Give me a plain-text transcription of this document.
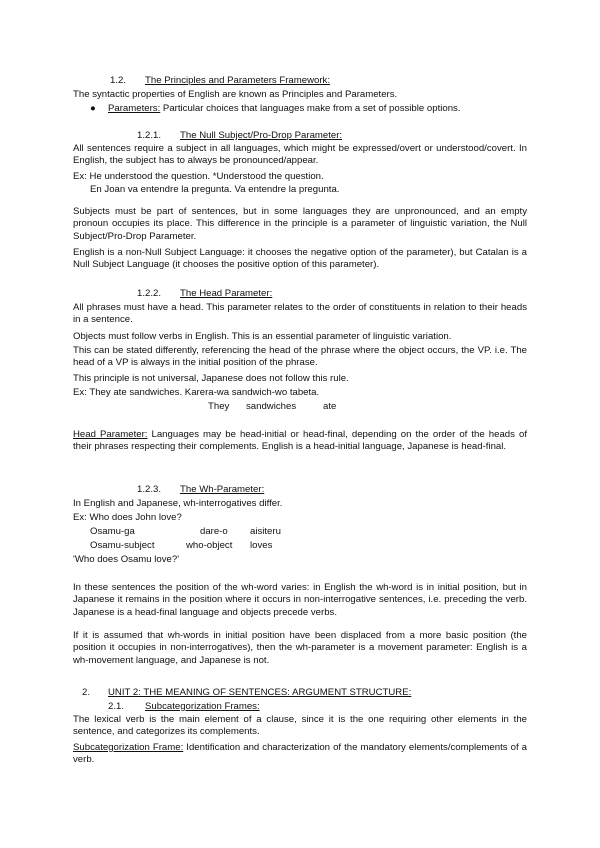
1.2. The Principles and Parameters Framework:
The syntactic properties of English are known as Principles and Parameters.
● Parameters: Particular choices that languages make from a set of possible options.
1.2.1. The Null Subject/Pro-Drop Parameter:
All sentences require a subject in all languages, which might be expressed/overt or understood/covert. In English, the subject has to always be pronounced/appear.
Ex: He understood the question. *Understood the question.
En Joan va entendre la pregunta. Va entendre la pregunta.
Subjects must be part of sentences, but in some languages they are unpronounced, and an empty pronoun occupies its place. This difference in the principle is a parameter of linguistic variation, the Null Subject/Pro-Drop Parameter.
English is a non-Null Subject Language: it chooses the negative option of the parameter), but Catalan is a Null Subject Language (it chooses the positive option of this parameter).
1.2.2. The Head Parameter:
All phrases must have a head. This parameter relates to the order of constituents in relation to their heads in a sentence.
Objects must follow verbs in English. This is an essential parameter of linguistic variation.
This can be stated differently, referencing the head of the phrase where the object occurs, the VP. i.e. The head of a VP is always in the initial position of the phrase.
This principle is not universal, Japanese does not follow this rule.
Ex: They ate sandwiches. Karera-wa sandwich-wo tabeta.
They sandwiches	ate
Head Parameter: Languages may be head-initial or head-final, depending on the order of the heads of their phrases respecting their complements. English is a head-initial language, Japanese is head-final.
1.2.3. The Wh-Parameter:
In English and Japanese, wh-interrogatives differ.
Ex: Who does John love?
Osamu-ga	dare-o aisiteru
Osamu-subject	who-object loves
'Who does Osamu love?'
In these sentences the position of the wh-word varies: in English the wh-word is in initial position, but in Japanese it remains in the position where it occurs in non-interrogative sentences, i.e. preceding the verb. Japanese is a head-final language and objects precede verbs.
If it is assumed that wh-words in initial position have been displaced from a more basic position (the position it occupies in non-interrogatives), then the wh-parameter is a movement parameter: English is a wh-movement language, and Japanese is not.
2. UNIT 2: THE MEANING OF SENTENCES: ARGUMENT STRUCTURE:
2.1. Subcategorization Frames:
The lexical verb is the main element of a clause, since it is the one requiring other elements in the sentence, and categorizes its complements.
Subcategorization Frame: Identification and characterization of the mandatory elements/complements of a verb.
